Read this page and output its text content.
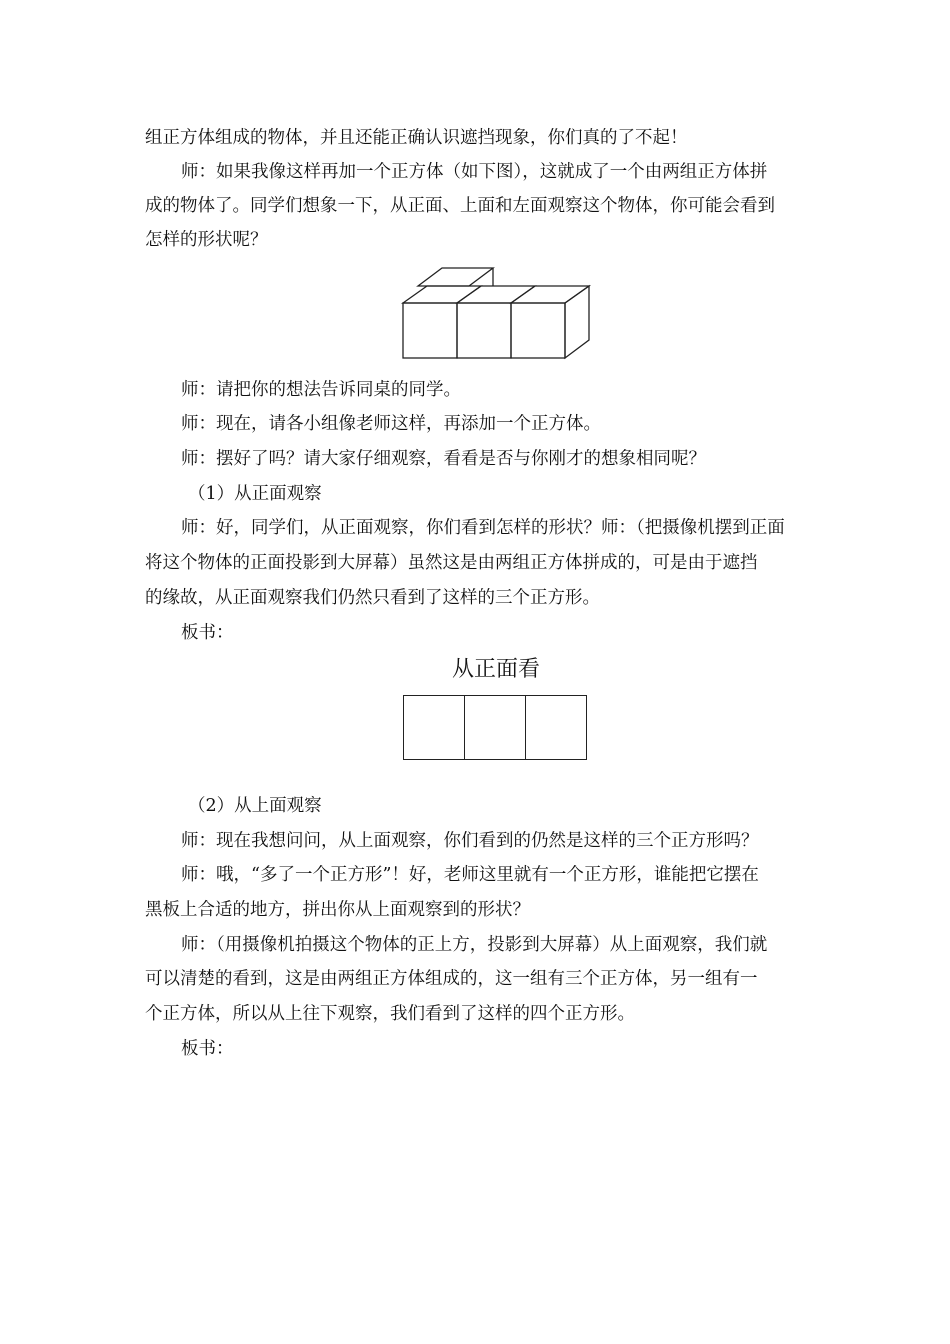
组正方体组成的物体，并且还能正确认识遮挡现象，你们真的了不起！
师：如果我像这样再加一个正方体（如下图），这就成了一个由两组正方体拼
成的物体了。同学们想象一下，从正面、上面和左面观察这个物体，你可能会看到
怎样的形状呢？
师：请把你的想法告诉同桌的同学。
师：现在，请各小组像老师这样，再添加一个正方体。
师：摆好了吗？请大家仔细观察，看看是否与你刚才的想象相同呢？
（1）从正面观察
师：好，同学们，从正面观察，你们看到怎样的形状？师：（把摄像机摆到正面
将这个物体的正面投影到大屏幕）虽然这是由两组正方体拼成的，可是由于遮挡
的缘故，从正面观察我们仍然只看到了这样的三个正方形。
板书：
从正面看
（2）从上面观察
师：现在我想问问，从上面观察，你们看到的仍然是这样的三个正方形吗？
师：哦，“多了一个正方形”！好，老师这里就有一个正方形，谁能把它摆在
黑板上合适的地方，拼出你从上面观察到的形状？
师：（用摄像机拍摄这个物体的正上方，投影到大屏幕）从上面观察，我们就
可以清楚的看到，这是由两组正方体组成的，这一组有三个正方体，另一组有一
个正方体，所以从上往下观察，我们看到了这样的四个正方形。
板书：
